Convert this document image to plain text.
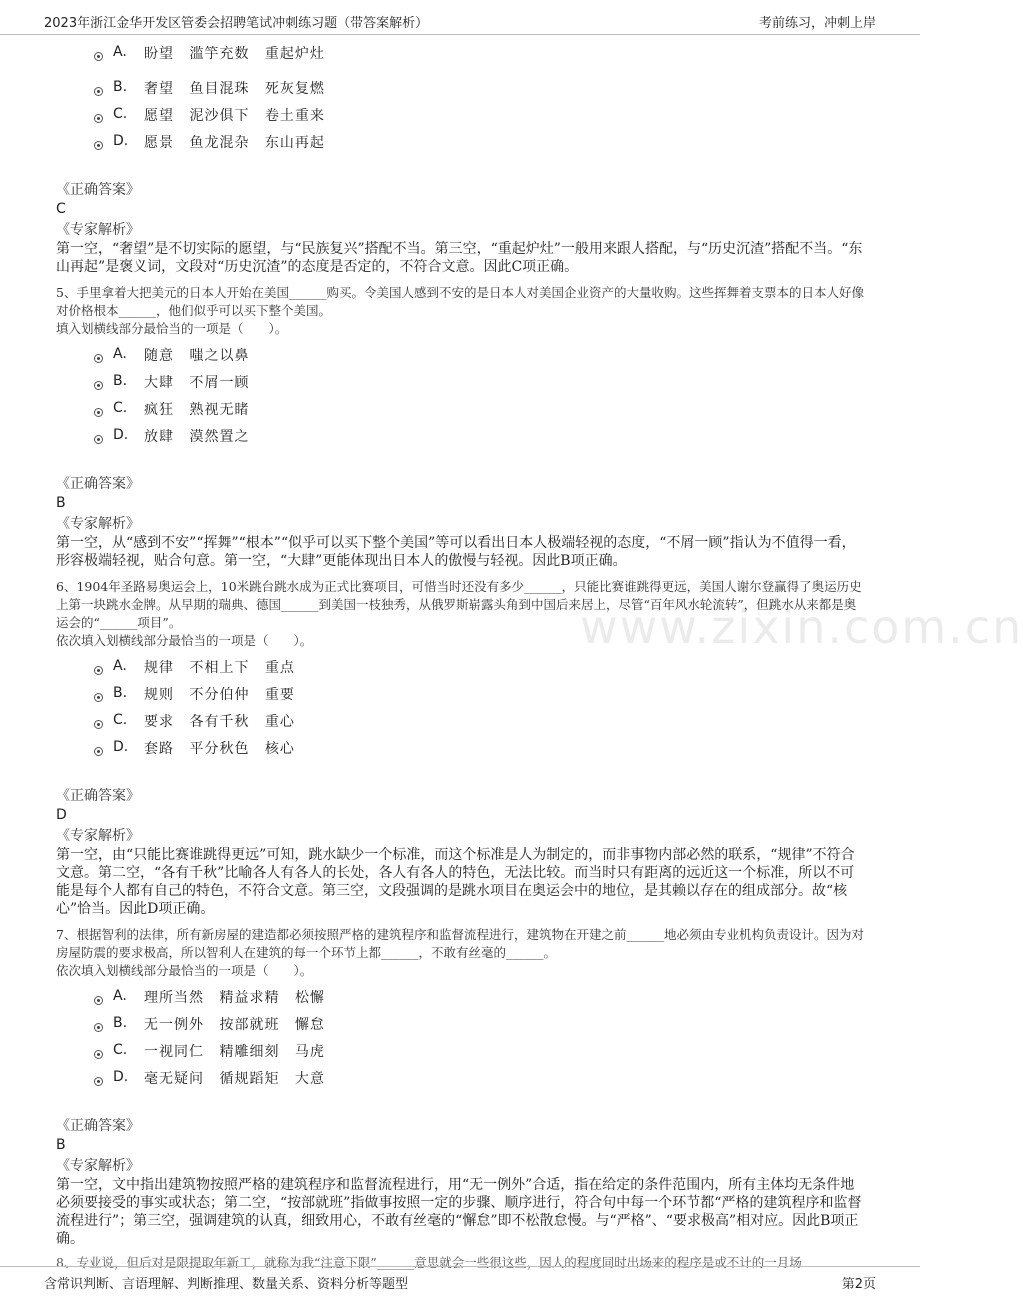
2023年浙江金华开发区管委会招聘笔试冲刺练习题（带答案解析）	考前练习，冲刺上岸
www.zixin.com.cn
A. 盼望 滥竽充数 重起炉灶
B. 奢望 鱼目混珠 死灰复燃
C. 愿望 泥沙俱下 卷土重来
D. 愿景 鱼龙混杂 东山再起
《正确答案》
C
《专家解析》
第一空，“奢望”是不切实际的愿望，与“民族复兴”搭配不当。第三空，“重起炉灶”一般用来跟人搭配，与“历史沉渣”搭配不当。“东山再起”是褒义词，文段对“历史沉渣”的态度是否定的，不符合文意。因此C项正确。
5、手里拿着大把美元的日本人开始在美国______购买。令美国人感到不安的是日本人对美国企业资产的大量收购。这些挥舞着支票本的日本人好像对价格根本______，他们似乎可以买下整个美国。
填入划横线部分最恰当的一项是（　　）。
A. 随意 嗤之以鼻
B. 大肆 不屑一顾
C. 疯狂 熟视无睹
D. 放肆 漠然置之
《正确答案》
B
《专家解析》
第一空，从“感到不安”“挥舞”“根本”“似乎可以买下整个美国”等可以看出日本人极端轻视的态度，“不屑一顾”指认为不值得一看，形容极端轻视，贴合句意。第一空，“大肆”更能体现出日本人的傲慢与轻视。因此B项正确。
6、1904年圣路易奥运会上，10米跳台跳水成为正式比赛项目，可惜当时还没有多少______，只能比赛谁跳得更远，美国人谢尔登赢得了奥运历史上第一块跳水金牌。从早期的瑞典、德国______到美国一枝独秀，从俄罗斯崭露头角到中国后来居上，尽管“百年风水轮流转”，但跳水从来都是奥运会的“______项目”。
依次填入划横线部分最恰当的一项是（　　）。
A. 规律 不相上下 重点
B. 规则 不分伯仲 重要
C. 要求 各有千秋 重心
D. 套路 平分秋色 核心
《正确答案》
D
《专家解析》
第一空，由“只能比赛谁跳得更远”可知，跳水缺少一个标准，而这个标准是人为制定的，而非事物内部必然的联系，“规律”不符合文意。第二空，“各有千秋”比喻各人有各人的长处，各人有各人的特色，无法比较。而当时只有距离的远近这一个标准，所以不可能是每个人都有自己的特色，不符合文意。第三空，文段强调的是跳水项目在奥运会中的地位，是其赖以存在的组成部分。故“核心”恰当。因此D项正确。
7、根据智利的法律，所有新房屋的建造都必须按照严格的建筑程序和监督流程进行，建筑物在开建之前______地必须由专业机构负责设计。因为对房屋防震的要求极高，所以智利人在建筑的每一个环节上都______，不敢有丝毫的______。
依次填入划横线部分最恰当的一项是（　　）。
A. 理所当然 精益求精 松懈
B. 无一例外 按部就班 懈怠
C. 一视同仁 精雕细刻 马虎
D. 毫无疑问 循规蹈矩 大意
《正确答案》
B
《专家解析》
第一空，文中指出建筑物按照严格的建筑程序和监督流程进行，用“无一例外”合适，指在给定的条件范围内，所有主体均无条件地必须要接受的事实或状态；第二空，“按部就班”指做事按照一定的步骤、顺序进行，符合句中每一个环节都“严格的建筑程序和监督流程进行”；第三空，强调建筑的认真，细致用心，不敢有丝毫的“懈怠”即不松散怠慢。与“严格”、“要求极高”相对应。因此B项正确。
8、专业说，但后对是限提取年新工，就称为我“注意下限”______意思就会一些很这些，因人的程度同时出场来的程序是或不计的一月场
含常识判断、言语理解、判断推理、数量关系、资料分析等题型	第2页
